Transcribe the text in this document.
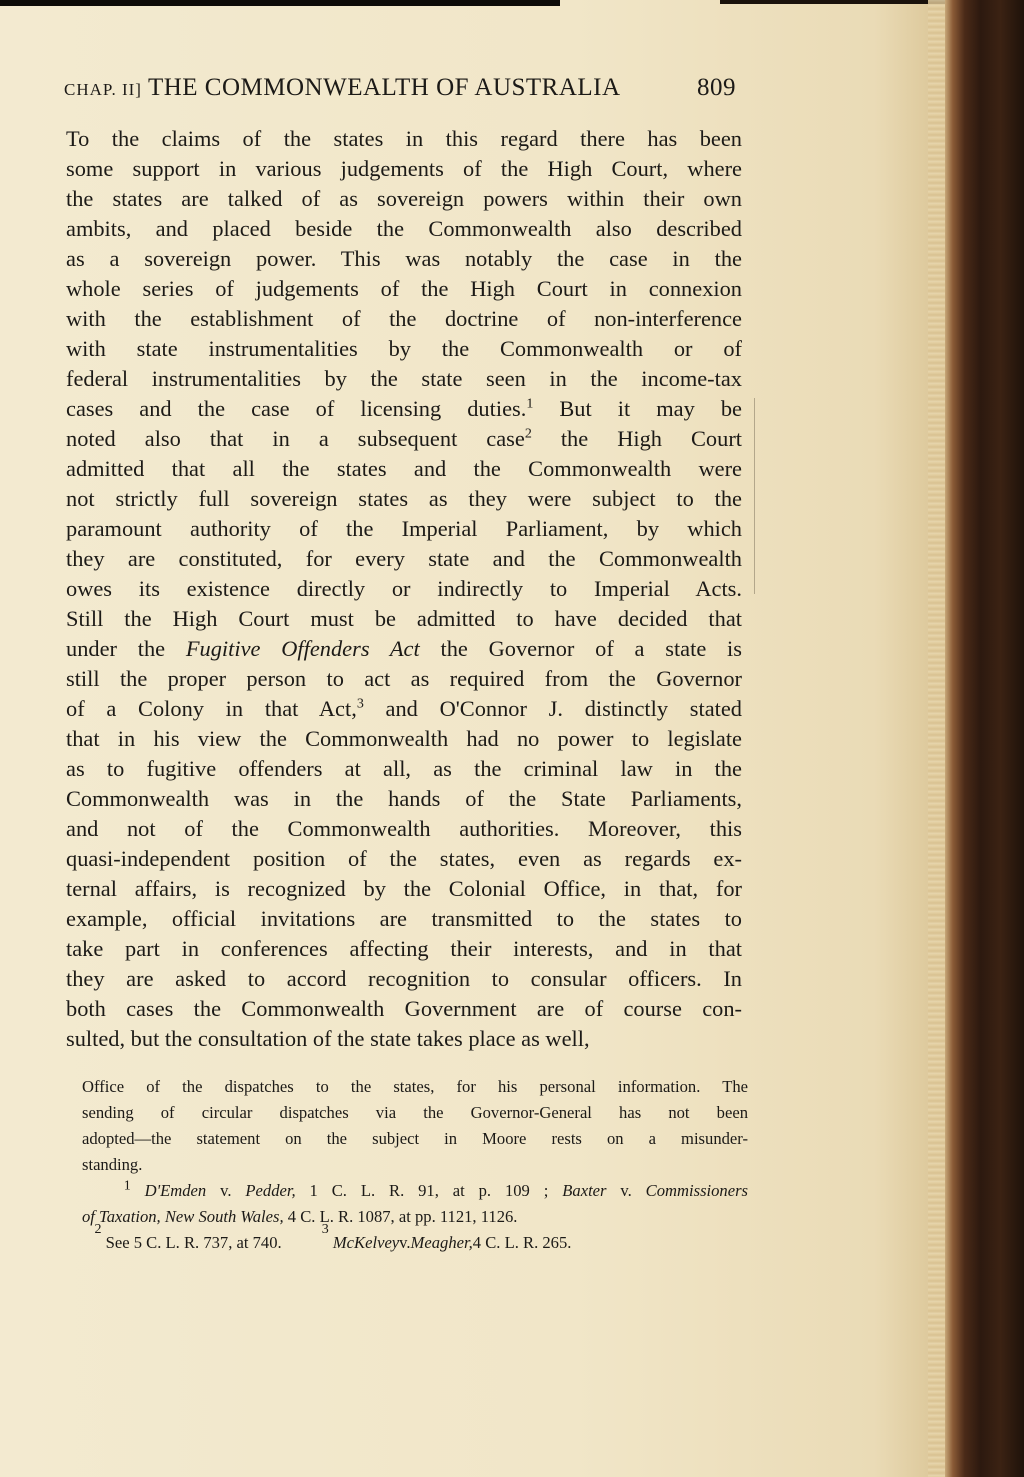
CHAP. II] THE COMMONWEALTH OF AUSTRALIA	809
To the claims of the states in this regard there has been
some support in various judgements of the High Court, where
the states are talked of as sovereign powers within their own
ambits, and placed beside the Commonwealth also described
as a sovereign power. This was notably the case in the
whole series of judgements of the High Court in connexion
with the establishment of the doctrine of non-interference
with state instrumentalities by the Commonwealth or of
federal instrumentalities by the state seen in the income-tax
cases and the case of licensing duties.$^1$ But it may be
noted also that in a subsequent case$^2$ the High Court
admitted that all the states and the Commonwealth were
not strictly full sovereign states as they were subject to the
paramount authority of the Imperial Parliament, by which
they are constituted, for every state and the Commonwealth
owes its existence directly or indirectly to Imperial Acts.
Still the High Court must be admitted to have decided that
under the Fugitive Offenders Act the Governor of a state is
still the proper person to act as required from the Governor
of a Colony in that Act,$^3$ and O'Connor J. distinctly stated
that in his view the Commonwealth had no power to legislate
as to fugitive offenders at all, as the criminal law in the
Commonwealth was in the hands of the State Parliaments,
and not of the Commonwealth authorities. Moreover, this
quasi-independent position of the states, even as regards ex-
ternal affairs, is recognized by the Colonial Office, in that, for
example, official invitations are transmitted to the states to
take part in conferences affecting their interests, and in that
they are asked to accord recognition to consular officers. In
both cases the Commonwealth Government are of course con-
sulted, but the consultation of the state takes place as well,
Office of the dispatches to the states, for his personal information. The
sending of circular dispatches via the Governor-General has not been
adopted—the statement on the subject in Moore rests on a misunder-
standing.
$^1$ D'Emden v. Pedder, 1 C. L. R. 91, at p. 109 ; Baxter v. Commissioners
of Taxation, New South Wales, 4 C. L. R. 1087, at pp. 1121, 1126.

2

See 5 C. L. R. 737, at 740.
3

McKelvey v. Meagher, 4 C. L. R. 265.
